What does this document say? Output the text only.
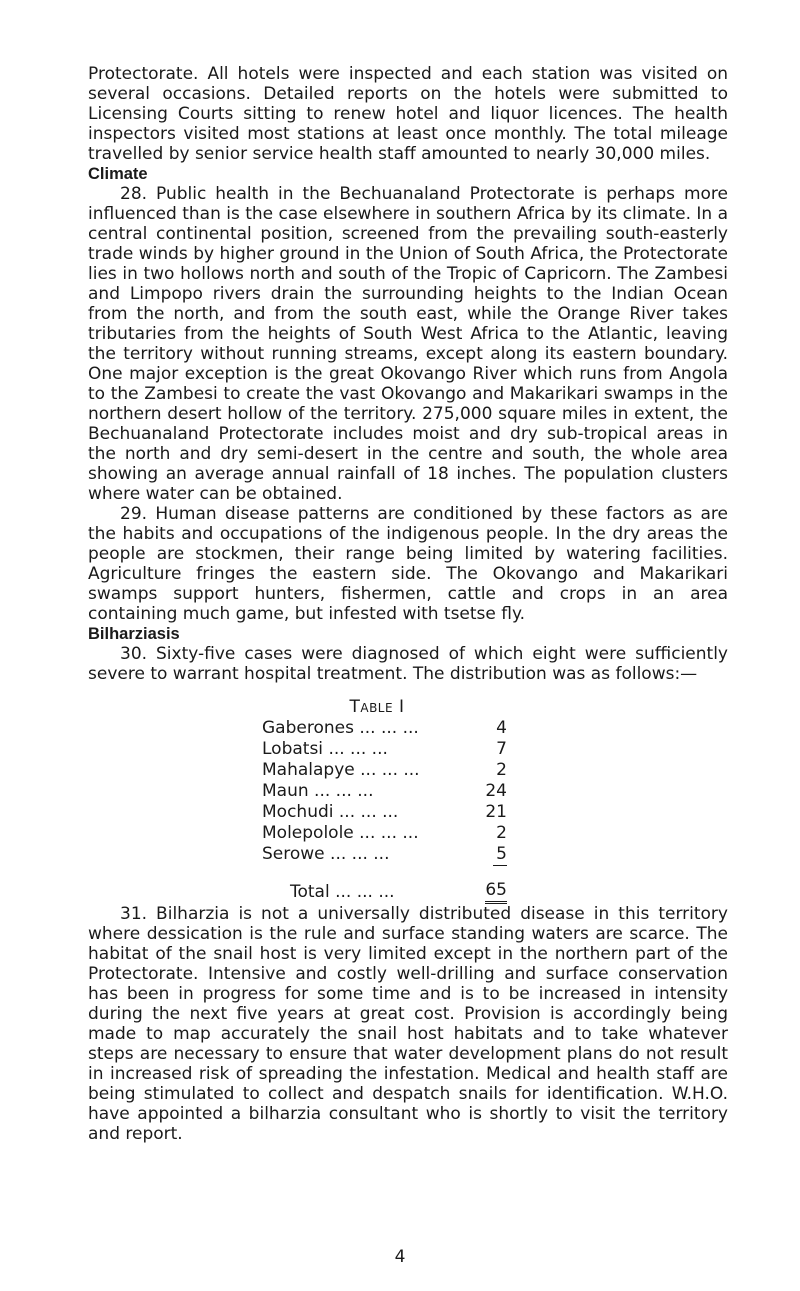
Protectorate. All hotels were inspected and each station was visited on several occasions. Detailed reports on the hotels were submitted to Licensing Courts sitting to renew hotel and liquor licences. The health inspectors visited most stations at least once monthly. The total mileage travelled by senior service health staff amounted to nearly 30,000 miles.

Climate

28. Public health in the Bechuanaland Protectorate is perhaps more influenced than is the case elsewhere in southern Africa by its climate. In a central continental position, screened from the prevailing south-easterly trade winds by higher ground in the Union of South Africa, the Protectorate lies in two hollows north and south of the Tropic of Capricorn. The Zambesi and Limpopo rivers drain the surrounding heights to the Indian Ocean from the north, and from the south east, while the Orange River takes tributaries from the heights of South West Africa to the Atlantic, leaving the territory without running streams, except along its eastern boundary. One major exception is the great Okovango River which runs from Angola to the Zambesi to create the vast Okovango and Makarikari swamps in the northern desert hollow of the territory. 275,000 square miles in extent, the Bechuanaland Protectorate includes moist and dry sub-tropical areas in the north and dry semi-desert in the centre and south, the whole area showing an average annual rainfall of 18 inches. The population clusters where water can be obtained.

29. Human disease patterns are conditioned by these factors as are the habits and occupations of the indigenous people. In the dry areas the people are stockmen, their range being limited by watering facilities. Agriculture fringes the eastern side. The Okovango and Makarikari swamps support hunters, fishermen, cattle and crops in an area containing much game, but infested with tsetse fly.

Bilharziasis

30. Sixty-five cases were diagnosed of which eight were sufficiently severe to warrant hospital treatment. The distribution was as follows:—

Table I
Gaberones ... ... ...	4
Lobatsi ... ... ...	7
Mahalapye ... ... ...	2
Maun ... ... ...	24
Mochudi ... ... ...	21
Molepolole ... ... ...	2
Serowe ... ... ...	5

Total ... ... ...	65

31. Bilharzia is not a universally distributed disease in this territory where dessication is the rule and surface standing waters are scarce. The habitat of the snail host is very limited except in the northern part of the Protectorate. Intensive and costly well-drilling and surface conservation has been in progress for some time and is to be increased in intensity during the next five years at great cost. Provision is accordingly being made to map accurately the snail host habitats and to take whatever steps are necessary to ensure that water development plans do not result in increased risk of spreading the infestation. Medical and health staff are being stimulated to collect and despatch snails for identification. W.H.O. have appointed a bilharzia consultant who is shortly to visit the territory and report.

4
